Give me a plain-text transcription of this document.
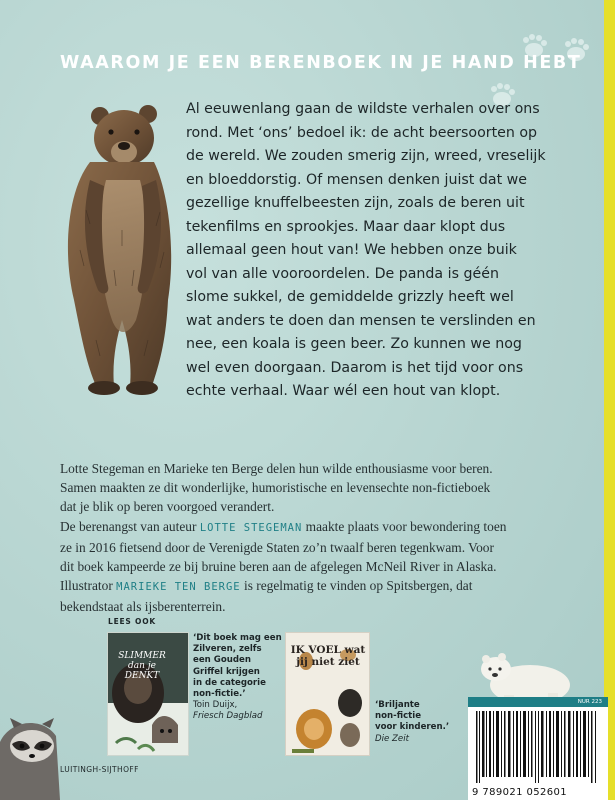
WAAROM JE EEN BERENBOEK IN JE HAND HEBT
Al eeuwenlang gaan de wildste verhalen over ons
rond. Met ‘ons’ bedoel ik: de acht beersoorten op
de wereld. We zouden smerig zijn, wreed, vreselijk
en bloeddorstig. Of mensen denken juist dat we
gezellige knuffelbeesten zijn, zoals de beren uit
tekenfilms en sprookjes. Maar daar klopt dus
allemaal geen hout van! We hebben onze buik
vol van alle vooroordelen. De panda is géén
slome sukkel, de gemiddelde grizzly heeft wel
wat anders te doen dan mensen te verslinden en
nee, een koala is geen beer. Zo kunnen we nog
wel even doorgaan. Daarom is het tijd voor ons
echte verhaal. Waar wél een hout van klopt.
Lotte Stegeman en Marieke ten Berge delen hun wilde enthousiasme voor beren.
Samen maakten ze dit wonderlijke, humoristische en levensechte non-fictieboek
dat je blik op beren voorgoed verandert.
De berenangst van auteur LOTTE STEGEMAN maakte plaats voor bewondering toen
ze in 2016 fietsend door de Verenigde Staten zo’n twaalf beren tegenkwam. Voor
dit boek kampeerde ze bij bruine beren aan de afgelegen McNeil River in Alaska.
Illustrator MARIEKE TEN BERGE is regelmatig te vinden op Spitsbergen, dat
bekendstaat als ijsberenterrein.
LEES OOK
SLIMMER dan je DENKT
‘Dit boek mag een
Zilveren, zelfs
een Gouden
Griffel krijgen
in de categorie
non-fictie.’
Toin Duijx,
Friesch Dagblad
IK VOEL wat jij niet ziet
‘Briljante
non-fictie
voor kinderen.’
Die Zeit
LUITINGH-SIJTHOFF
NUR 223
9 789021 052601
